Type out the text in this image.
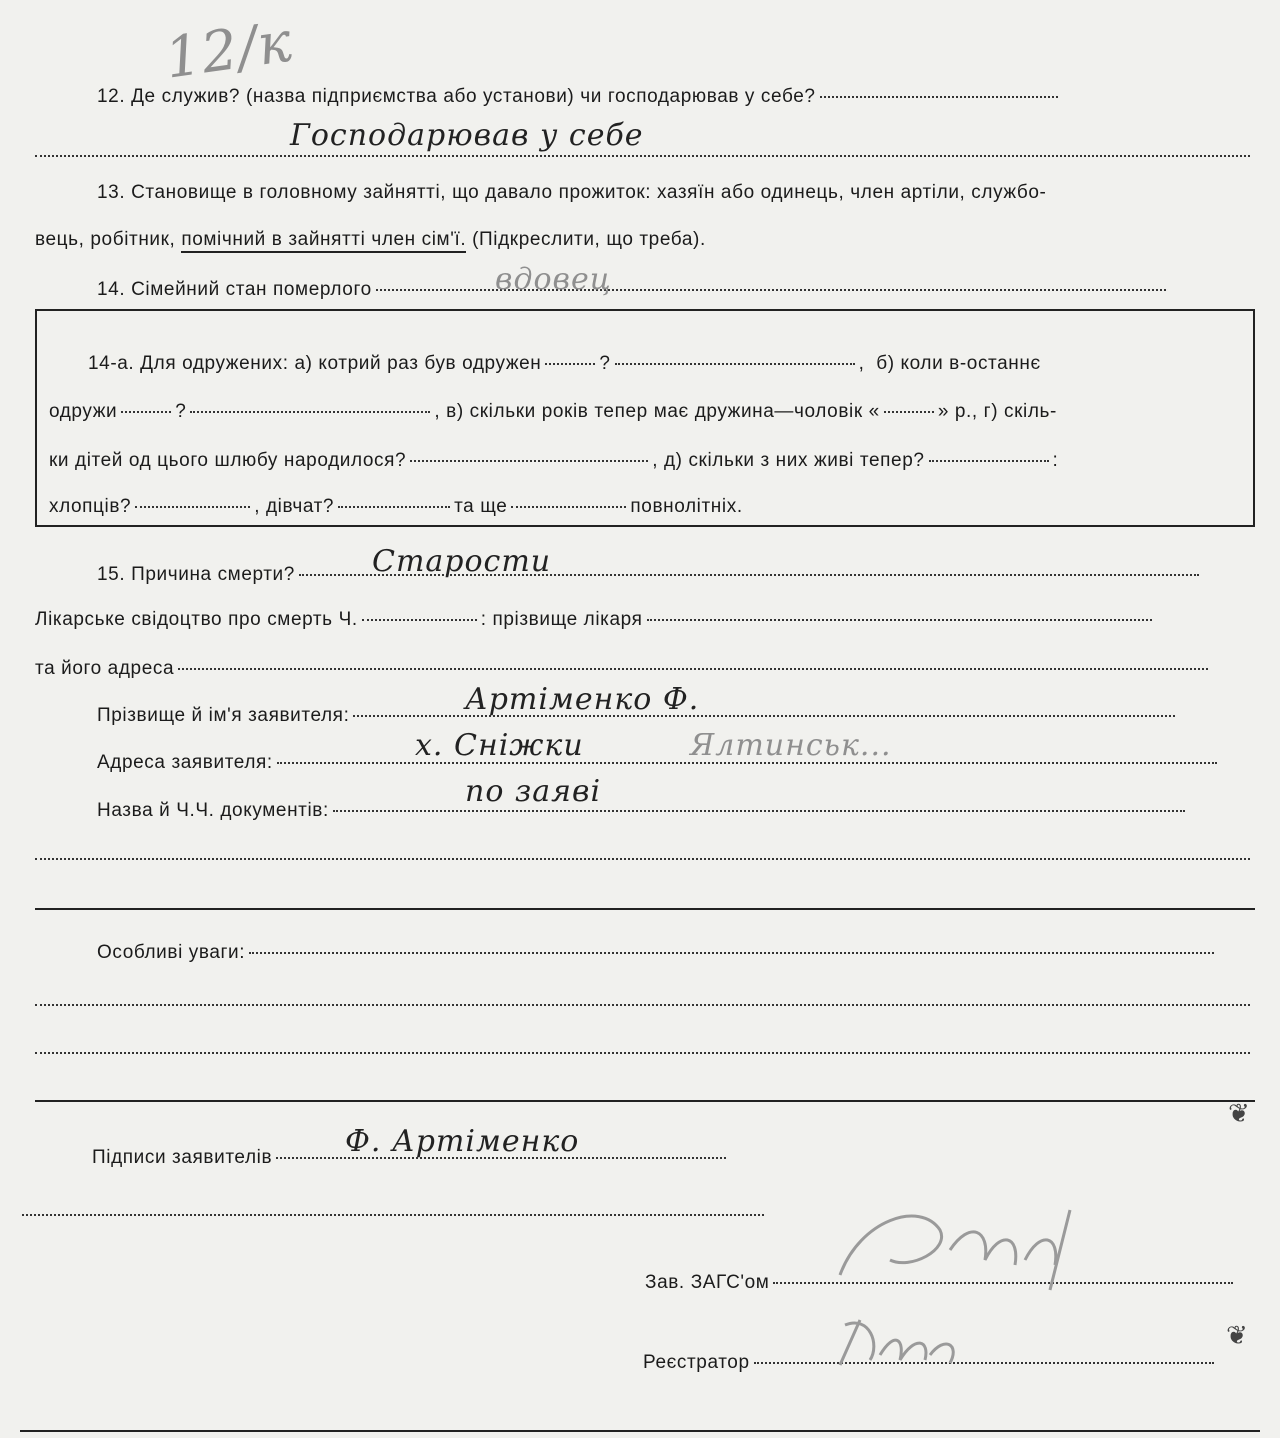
12/к
12. Де служив? (назва підприємства або установи) чи господарював у себе?
Господарював у себе
13. Становище в головному зайнятті, що давало прожиток: хазяїн або одинець, член артіли, службо-
вець, робітник,
помічний в зайнятті член сім'ї.
(Підкреслити, що треба).
14. Сімейний стан померлого	вдовец
14-а. Для одружених: а) котрий раз був одружен	?	, б) коли в-останнє
одружи	?	, в) скільки років тепер має дружина—чоловік «	» р., г) скіль-
ки дітей од цього шлюбу народилося?	, д) скільки з них живі тепер?	:
хлопців?	, дівчат?	та ще	повнолітніх.
15. Причина смерти?	Старости
Лікарське свідоцтво про смерть Ч.	: прізвище лікаря
та його адреса
Прізвище й ім'я заявителя:	Артіменко Ф.
Адреса заявителя:	х. Сніжки	Ялтинськ...
Назва й Ч.Ч. документів:
по заяві
Особливі уваги:
❦
Підписи заявителів Ф. Артіменко
Зав. ЗАГС'ом
Реєстратор
❦
